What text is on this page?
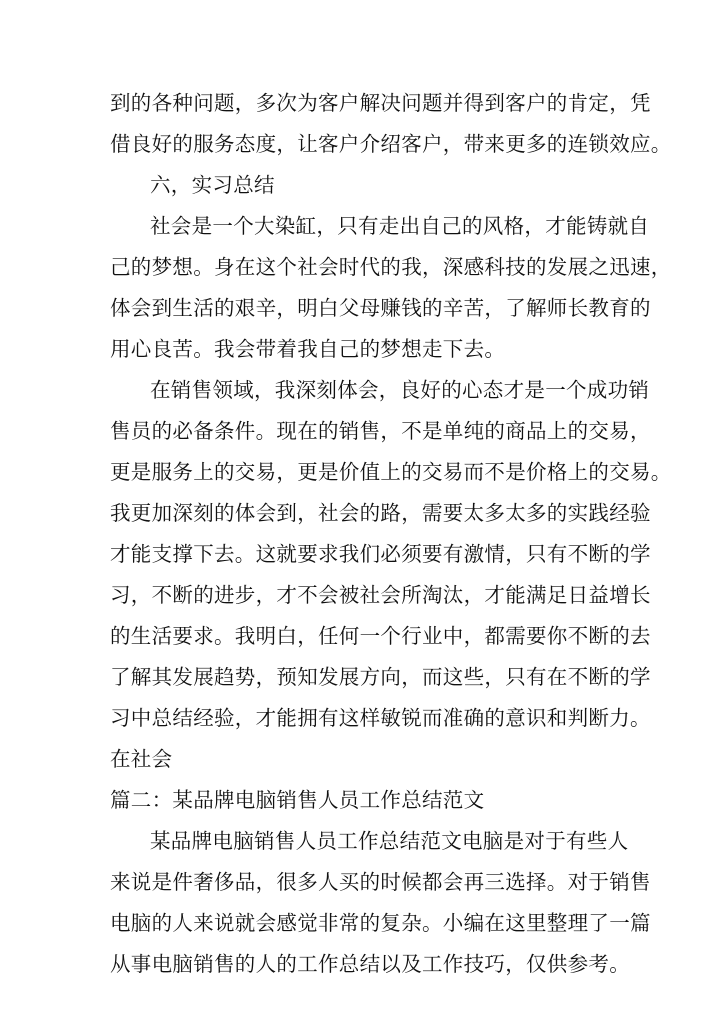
到的各种问题，多次为客户解决问题并得到客户的肯定，凭
借良好的服务态度，让客户介绍客户，带来更多的连锁效应。
六，实习总结
社会是一个大染缸，只有走出自己的风格，才能铸就自
己的梦想。身在这个社会时代的我，深感科技的发展之迅速，
体会到生活的艰辛，明白父母赚钱的辛苦，了解师长教育的
用心良苦。我会带着我自己的梦想走下去。
在销售领域，我深刻体会，良好的心态才是一个成功销
售员的必备条件。现在的销售，不是单纯的商品上的交易，
更是服务上的交易，更是价值上的交易而不是价格上的交易。
我更加深刻的体会到，社会的路，需要太多太多的实践经验
才能支撑下去。这就要求我们必须要有激情，只有不断的学
习，不断的进步，才不会被社会所淘汰，才能满足日益增长
的生活要求。我明白，任何一个行业中，都需要你不断的去
了解其发展趋势，预知发展方向，而这些，只有在不断的学
习中总结经验，才能拥有这样敏锐而准确的意识和判断力。
在社会
篇二：某品牌电脑销售人员工作总结范文
某品牌电脑销售人员工作总结范文电脑是对于有些人
来说是件奢侈品，很多人买的时候都会再三选择。对于销售
电脑的人来说就会感觉非常的复杂。小编在这里整理了一篇
从事电脑销售的人的工作总结以及工作技巧，仅供参考。
